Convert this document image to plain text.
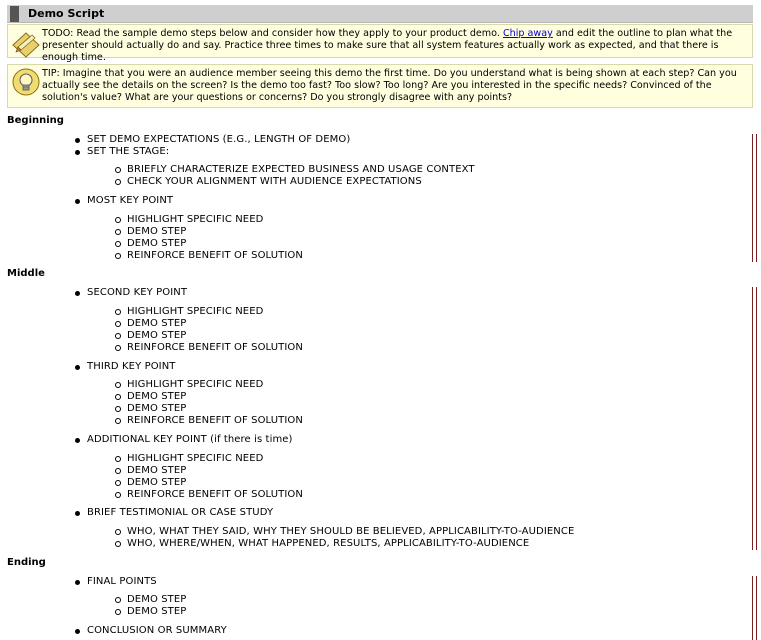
Demo Script
TODO: Read the sample demo steps below and consider how they apply to your product demo. Chip away and edit the outline to plan what the presenter should actually do and say. Practice three times to make sure that all system features actually work as expected, and that there is enough time.
TIP: Imagine that you were an audience member seeing this demo the first time. Do you understand what is being shown at each step? Can you actually see the details on the screen? Is the demo too fast? Too slow? Too long? Are you interested in the specific needs? Convinced of the solution's value? What are your questions or concerns? Do you strongly disagree with any points?
Beginning
SET DEMO EXPECTATIONS (E.G., LENGTH OF DEMO)
SET THE STAGE:
BRIEFLY CHARACTERIZE EXPECTED BUSINESS AND USAGE CONTEXT
CHECK YOUR ALIGNMENT WITH AUDIENCE EXPECTATIONS
MOST KEY POINT
HIGHLIGHT SPECIFIC NEED
DEMO STEP
DEMO STEP
REINFORCE BENEFIT OF SOLUTION
Middle
SECOND KEY POINT
HIGHLIGHT SPECIFIC NEED
DEMO STEP
DEMO STEP
REINFORCE BENEFIT OF SOLUTION
THIRD KEY POINT
HIGHLIGHT SPECIFIC NEED
DEMO STEP
DEMO STEP
REINFORCE BENEFIT OF SOLUTION
ADDITIONAL KEY POINT (if there is time)
HIGHLIGHT SPECIFIC NEED
DEMO STEP
DEMO STEP
REINFORCE BENEFIT OF SOLUTION
BRIEF TESTIMONIAL OR CASE STUDY
WHO, WHAT THEY SAID, WHY THEY SHOULD BE BELIEVED, APPLICABILITY-TO-AUDIENCE
WHO, WHERE/WHEN, WHAT HAPPENED, RESULTS, APPLICABILITY-TO-AUDIENCE
Ending
FINAL POINTS
DEMO STEP
DEMO STEP
CONCLUSION OR SUMMARY
